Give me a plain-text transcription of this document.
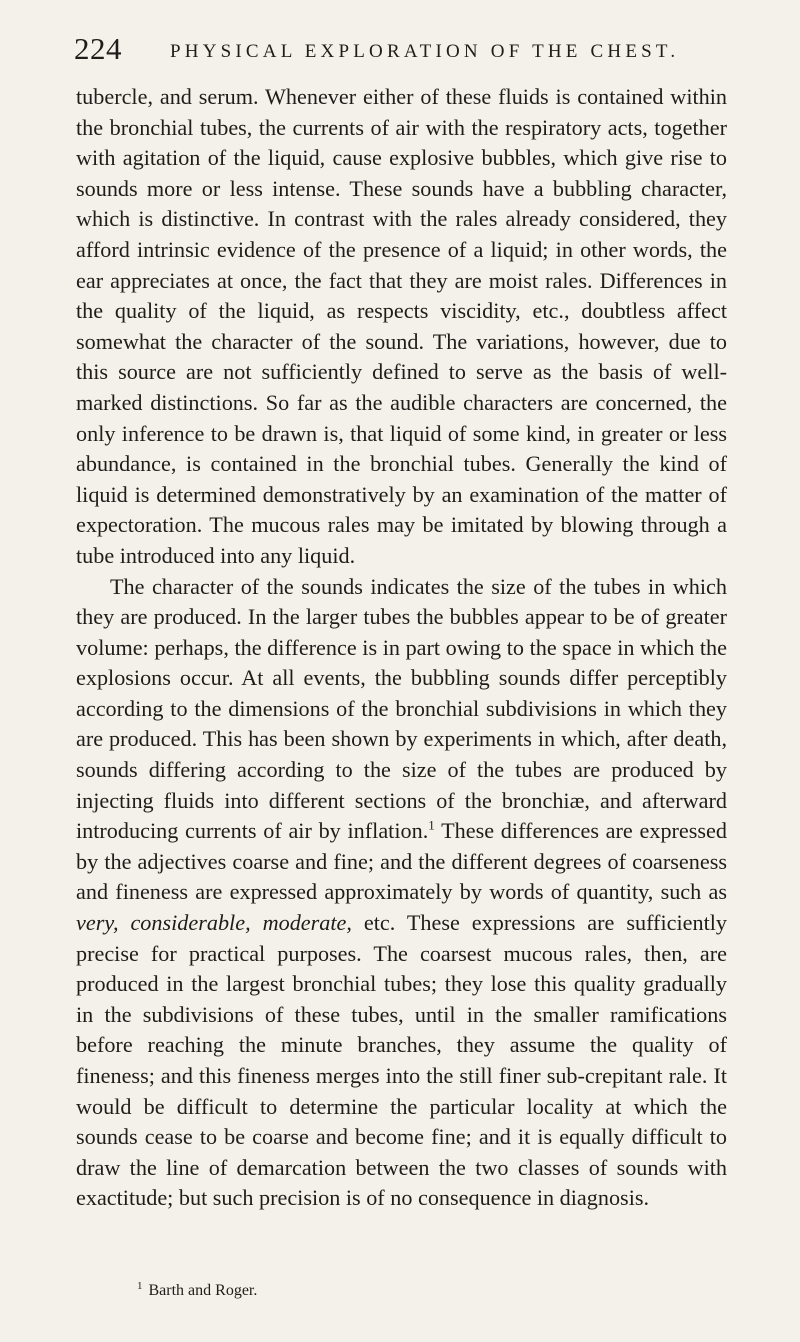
224	PHYSICAL EXPLORATION OF THE CHEST.

tubercle, and serum. Whenever either of these fluids is contained within the bronchial tubes, the currents of air with the respiratory acts, together with agitation of the liquid, cause explosive bubbles, which give rise to sounds more or less intense. These sounds have a bubbling character, which is distinctive. In contrast with the rales already considered, they afford intrinsic evidence of the presence of a liquid; in other words, the ear appreciates at once, the fact that they are moist rales. Differences in the quality of the liquid, as respects viscidity, etc., doubtless affect somewhat the character of the sound. The variations, however, due to this source are not sufficiently defined to serve as the basis of well-marked distinctions. So far as the audible characters are concerned, the only inference to be drawn is, that liquid of some kind, in greater or less abundance, is contained in the bronchial tubes. Generally the kind of liquid is determined demonstratively by an examination of the matter of expectoration. The mucous rales may be imitated by blowing through a tube introduced into any liquid.

The character of the sounds indicates the size of the tubes in which they are produced. In the larger tubes the bubbles appear to be of greater volume: perhaps, the difference is in part owing to the space in which the explosions occur. At all events, the bubbling sounds differ perceptibly according to the dimensions of the bronchial subdivisions in which they are produced. This has been shown by experiments in which, after death, sounds differing according to the size of the tubes are produced by injecting fluids into different sections of the bronchiæ, and afterward introducing currents of air by inflation.$^1$ These differences are expressed by the adjectives coarse and fine; and the different degrees of coarseness and fineness are expressed approximately by words of quantity, such as very, considerable, moderate, etc. These expressions are sufficiently precise for practical purposes. The coarsest mucous rales, then, are produced in the largest bronchial tubes; they lose this quality gradually in the subdivisions of these tubes, until in the smaller ramifications before reaching the minute branches, they assume the quality of fineness; and this fineness merges into the still finer sub-crepitant rale. It would be difficult to determine the particular locality at which the sounds cease to be coarse and become fine; and it is equally difficult to draw the line of demarcation between the two classes of sounds with exactitude; but such precision is of no consequence in diagnosis.

$^1$ Barth and Roger.
